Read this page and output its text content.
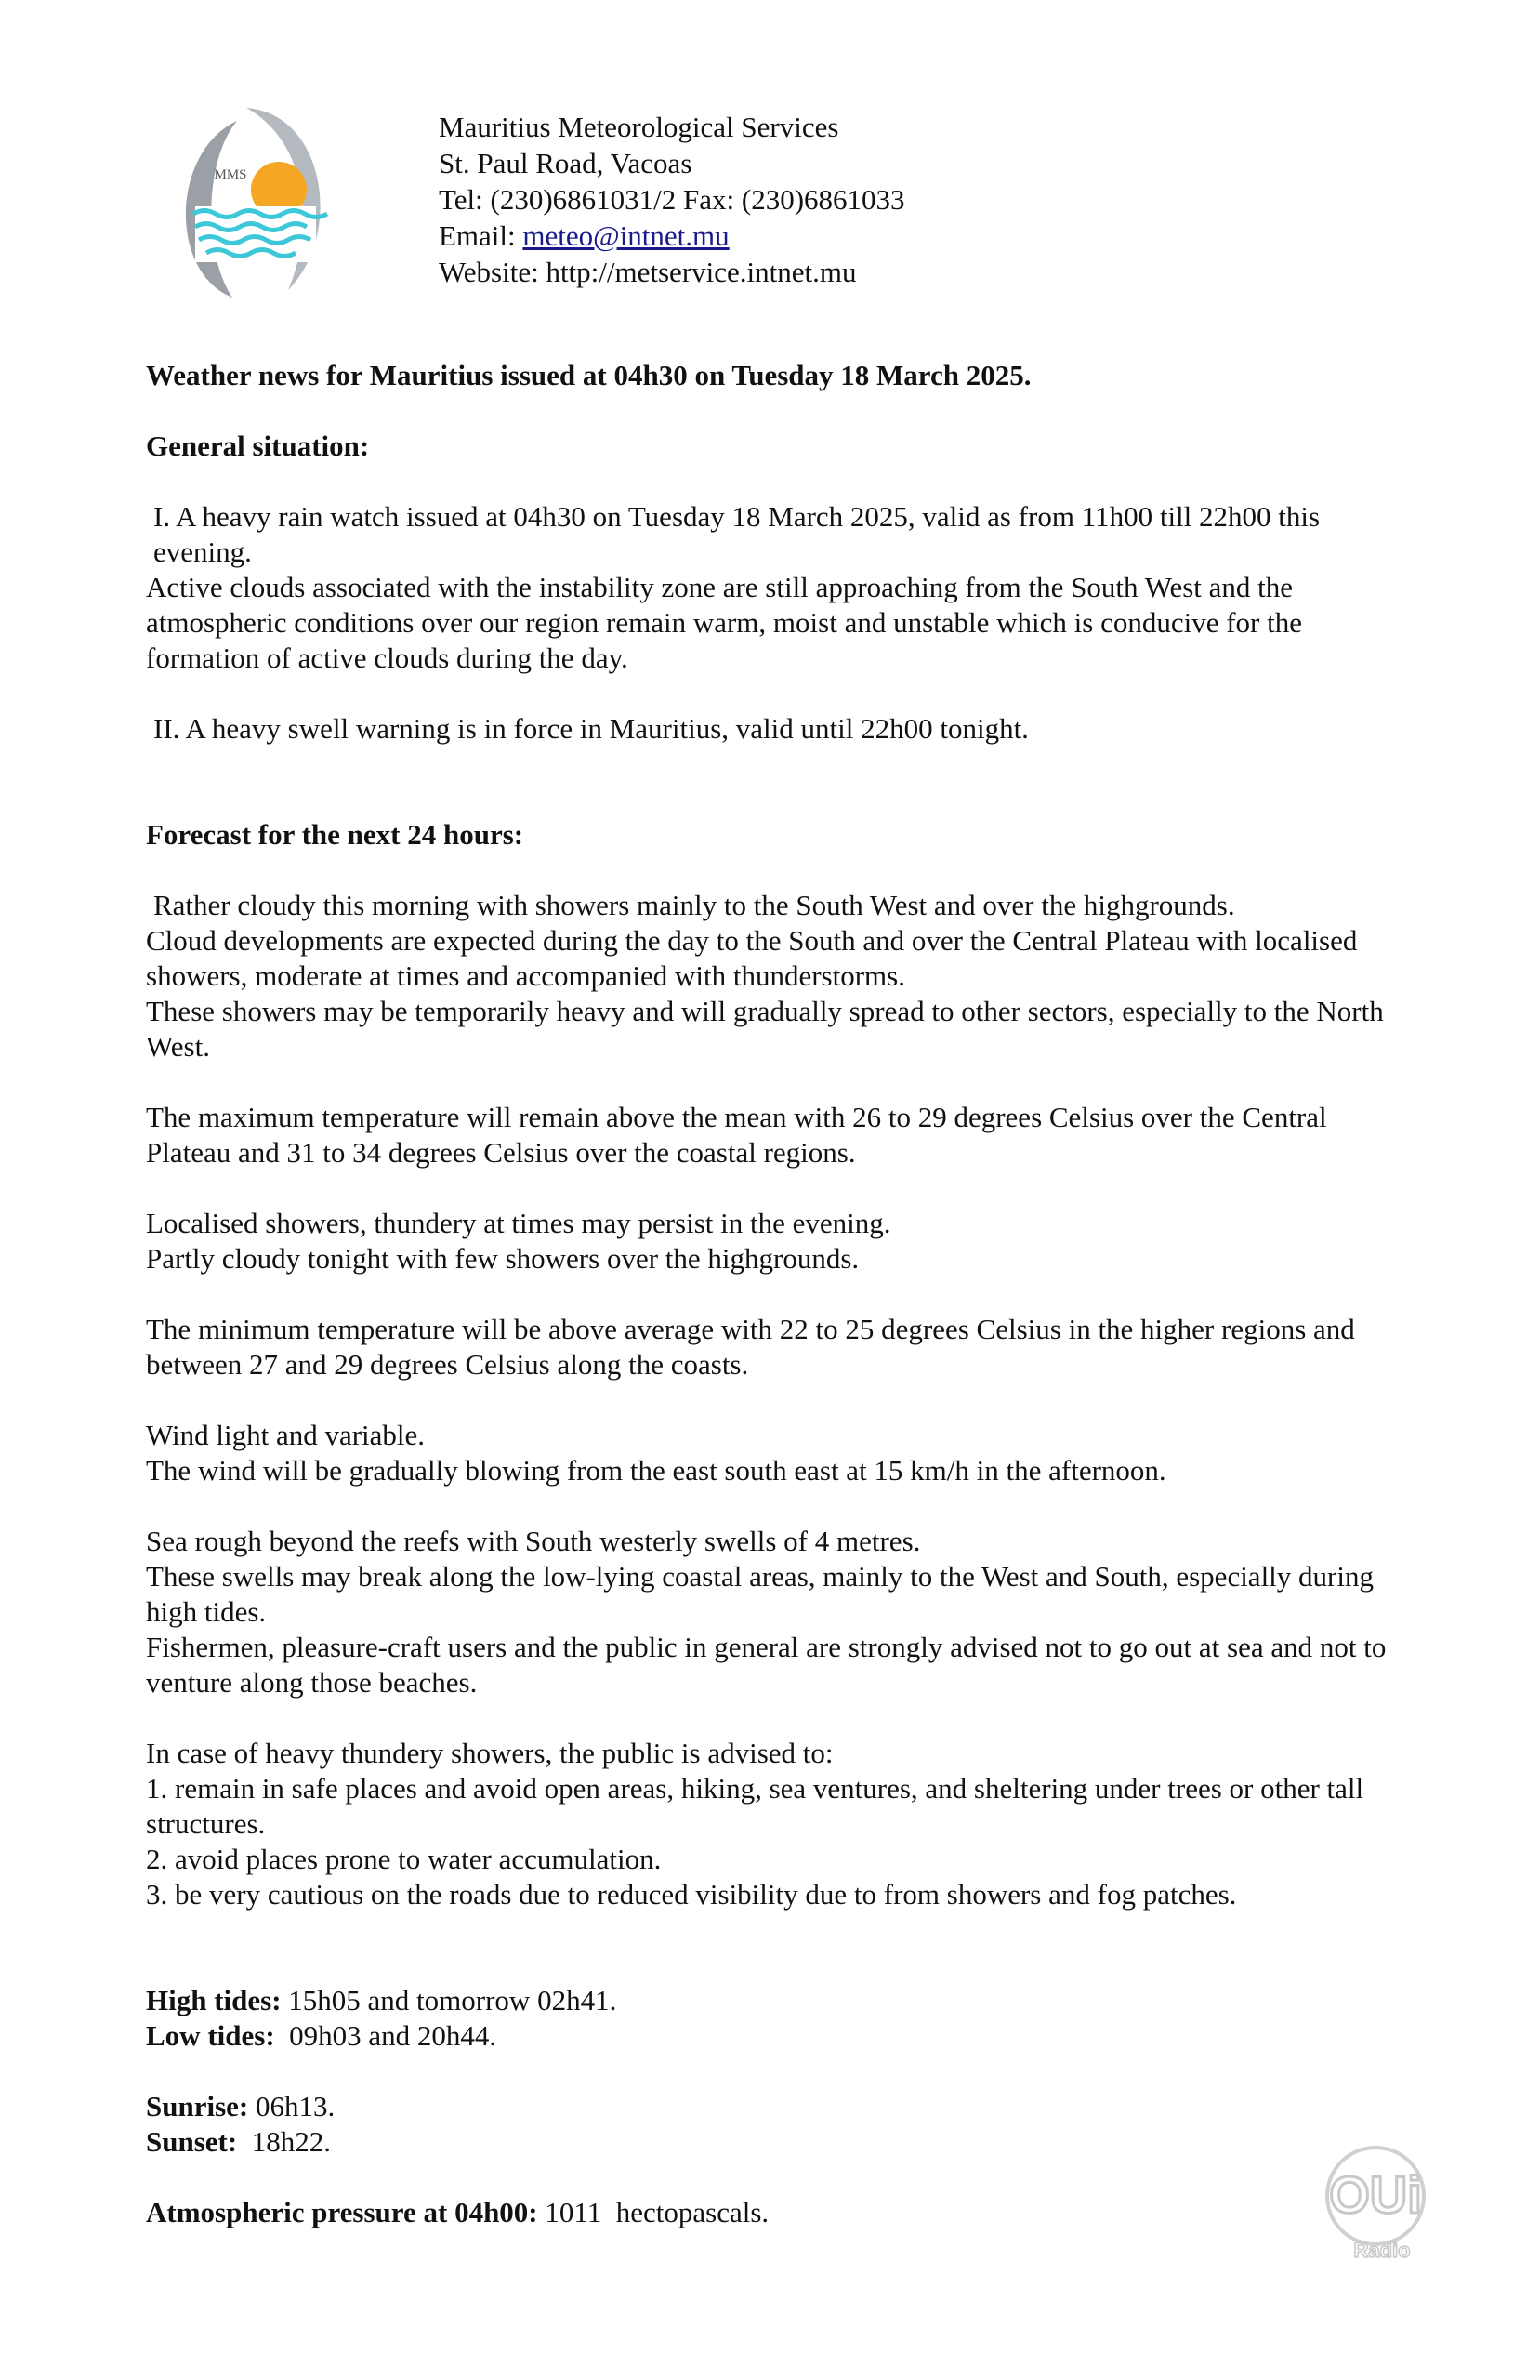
MMS
Mauritius Meteorological Services
St. Paul Road, Vacoas
Tel: (230)6861031/2 Fax: (230)6861033
Email: meteo@intnet.mu
Website: http://metservice.intnet.mu

Weather news for Mauritius issued at 04h30 on Tuesday 18 March 2025.

General situation:

I. A heavy rain watch issued at 04h30 on Tuesday 18 March 2025, valid as from 11h00 till 22h00 this evening.

Active clouds associated with the instability zone are still approaching from the South West and the atmospheric conditions over our region remain warm, moist and unstable which is conducive for the formation of active clouds during the day.

II. A heavy swell warning is in force in Mauritius, valid until 22h00 tonight.

Forecast for the next 24 hours:

Rather cloudy this morning with showers mainly to the South West and over the highgrounds.

Cloud developments are expected during the day to the South and over the Central Plateau with localised showers, moderate at times and accompanied with thunderstorms.

These showers may be temporarily heavy and will gradually spread to other sectors, especially to the North West.

The maximum temperature will remain above the mean with 26 to 29 degrees Celsius over the Central Plateau and 31 to 34 degrees Celsius over the coastal regions.

Localised showers, thundery at times may persist in the evening.

Partly cloudy tonight with few showers over the highgrounds.

The minimum temperature will be above average with 22 to 25 degrees Celsius in the higher regions and between 27 and 29 degrees Celsius along the coasts.

Wind light and variable.

The wind will be gradually blowing from the east south east at 15 km/h in the afternoon.

Sea rough beyond the reefs with South westerly swells of 4 metres.

These swells may break along the low-lying coastal areas, mainly to the West and South, especially during high tides.

Fishermen, pleasure-craft users and the public in general are strongly advised not to go out at sea and not to venture along those beaches.

In case of heavy thundery showers, the public is advised to:

1. remain in safe places and avoid open areas, hiking, sea ventures, and sheltering under trees or other tall structures.

2. avoid places prone to water accumulation.

3. be very cautious on the roads due to reduced visibility due to from showers and fog patches.

High tides: 15h05 and tomorrow 02h41.

Low tides:  09h03 and 20h44.

Sunrise: 06h13.

Sunset:  18h22.

Atmospheric pressure at 04h00: 1011  hectopascals.	OUi
Radio
